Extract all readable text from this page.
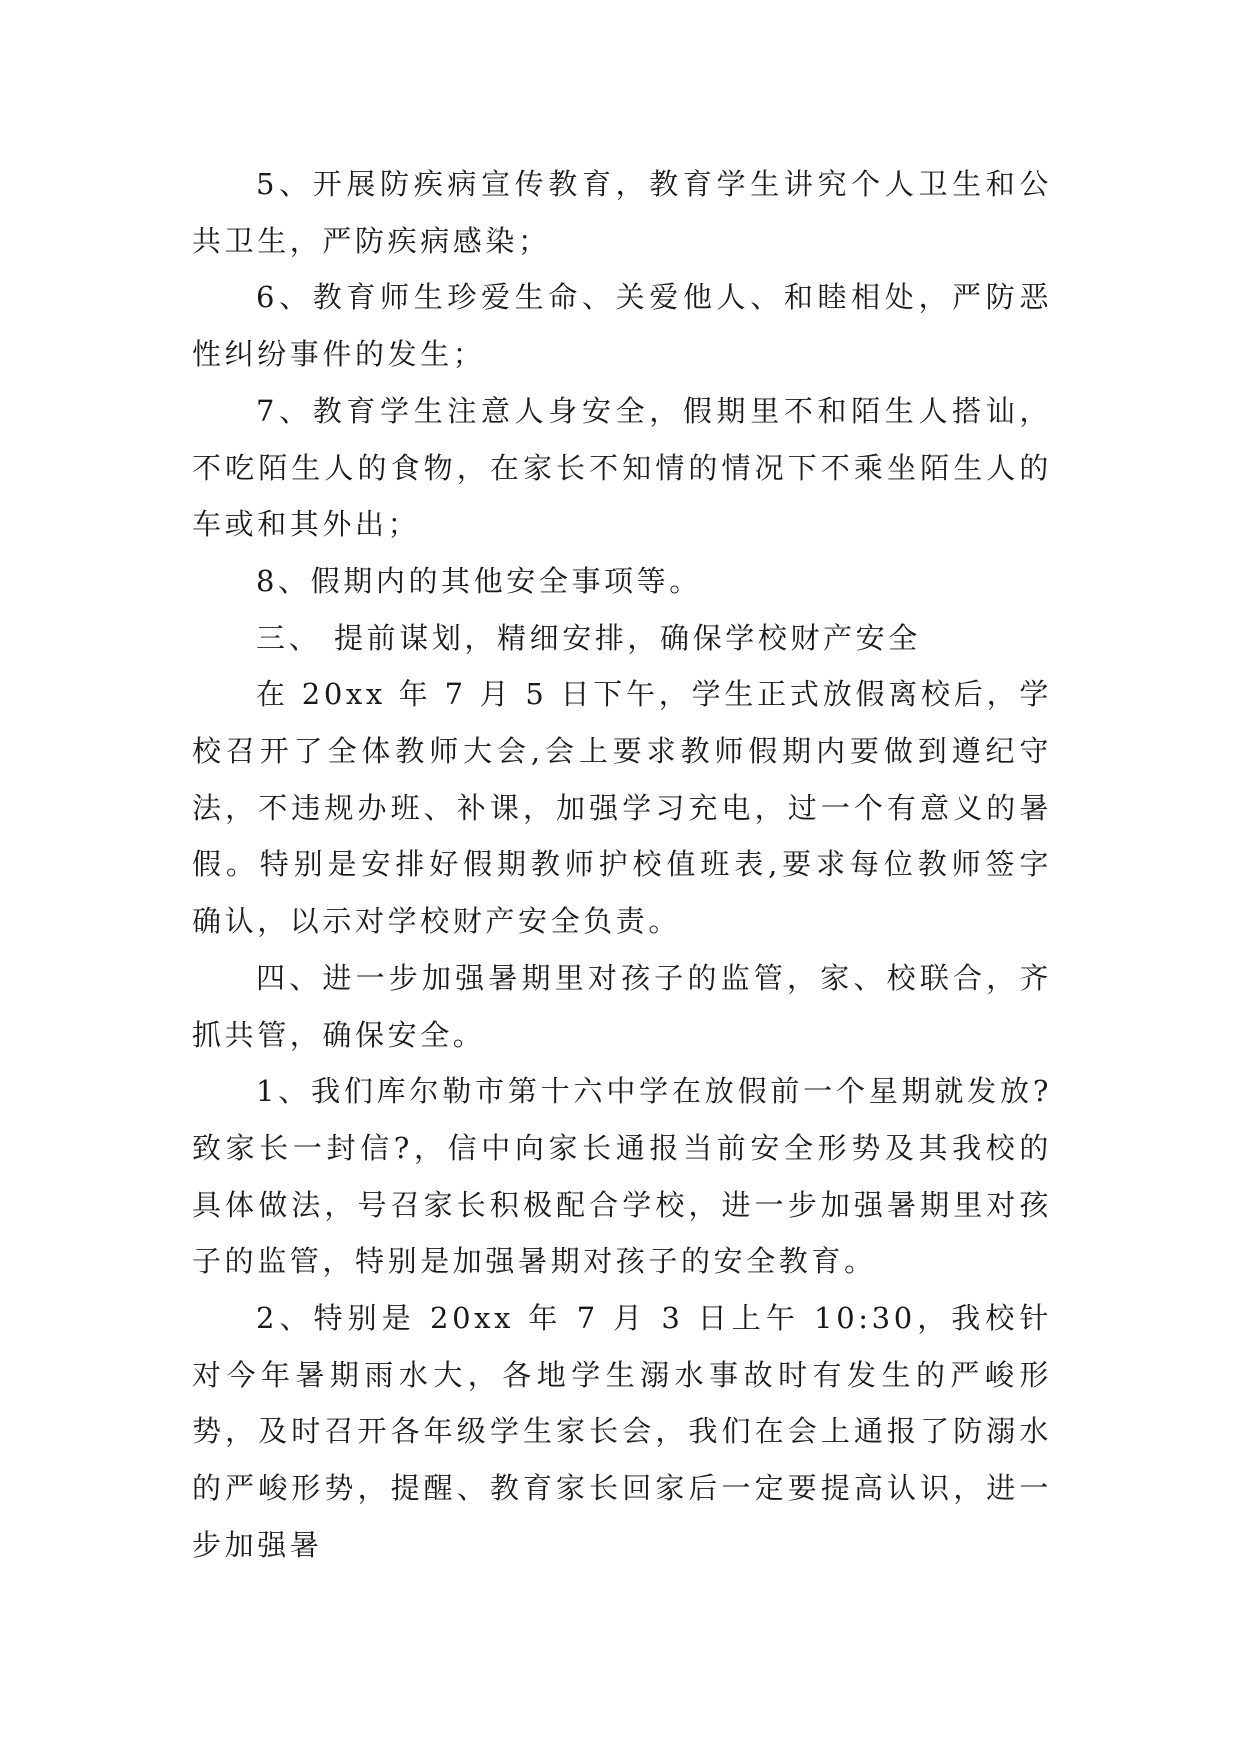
5、开展防疾病宣传教育，教育学生讲究个人卫生和公共卫生，严防疾病感染；

6、教育师生珍爱生命、关爱他人、和睦相处，严防恶性纠纷事件的发生；

7、教育学生注意人身安全，假期里不和陌生人搭讪，不吃陌生人的食物，在家长不知情的情况下不乘坐陌生人的车或和其外出；

8、假期内的其他安全事项等。

三、 提前谋划，精细安排，确保学校财产安全

在 20xx 年 7 月 5 日下午，学生正式放假离校后，学校召开了全体教师大会,会上要求教师假期内要做到遵纪守法，不违规办班、补课，加强学习充电，过一个有意义的暑假。特别是安排好假期教师护校值班表,要求每位教师签字确认，以示对学校财产安全负责。

四、进一步加强暑期里对孩子的监管，家、校联合，齐抓共管，确保安全。

1、我们库尔勒市第十六中学在放假前一个星期就发放?致家长一封信?，信中向家长通报当前安全形势及其我校的具体做法，号召家长积极配合学校，进一步加强暑期里对孩子的监管，特别是加强暑期对孩子的安全教育。

2、特别是 20xx 年 7 月 3 日上午 10:30，我校针对今年暑期雨水大，各地学生溺水事故时有发生的严峻形势，及时召开各年级学生家长会，我们在会上通报了防溺水的严峻形势，提醒、教育家长回家后一定要提高认识，进一步加强暑
